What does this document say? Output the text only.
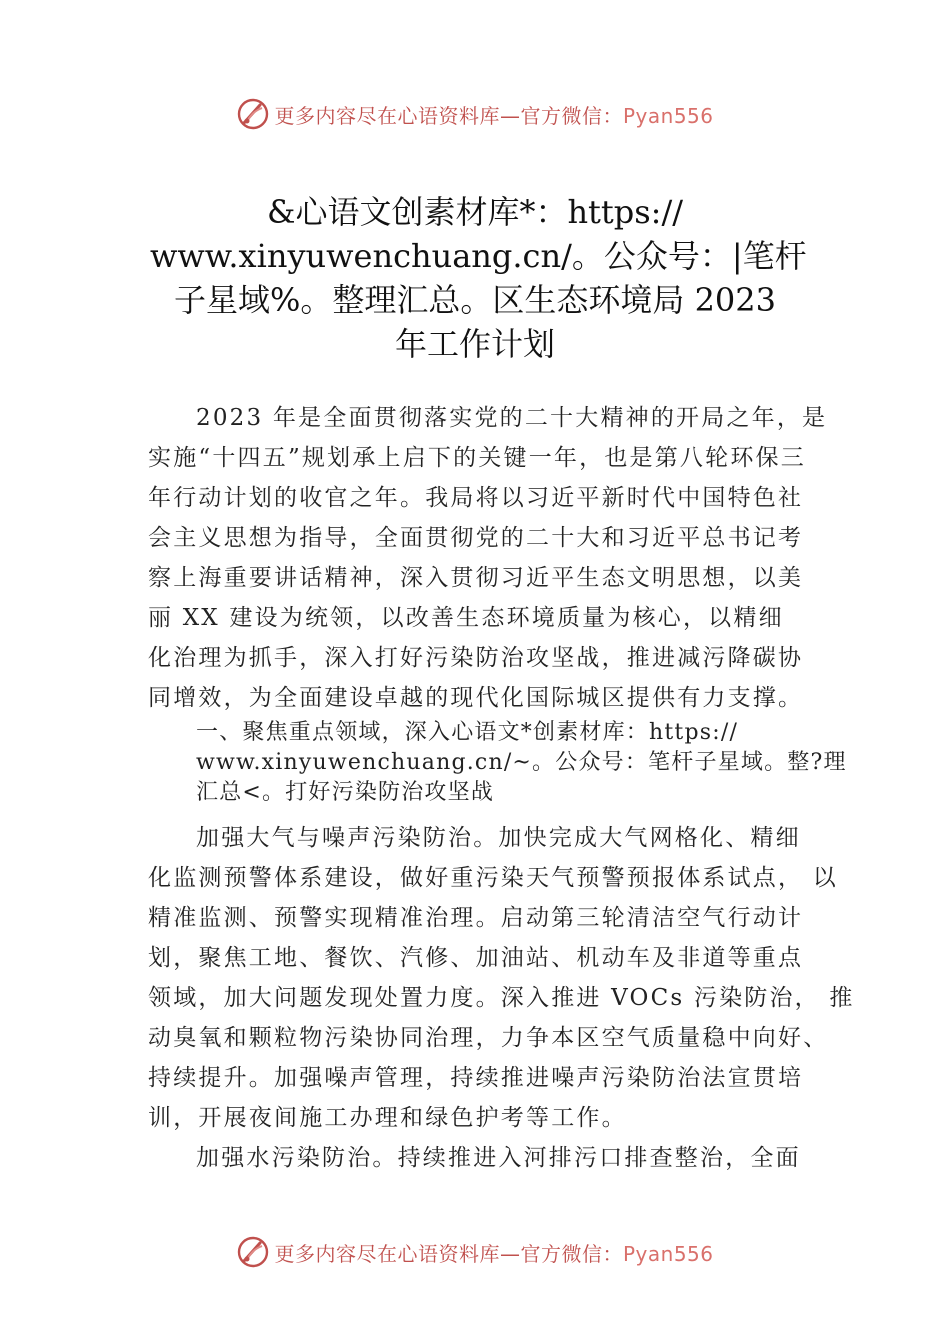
更多内容尽在心语资料库—官方微信：Pyan556
&心语文创素材库*：https://
www.xinyuwenchuang.cn/。公众号：|笔杆
子星域%。整理汇总。区生态环境局 2023
年工作计划
2023 年是全面贯彻落实党的二十大精神的开局之年，是
实施“十四五”规划承上启下的关键一年，也是第八轮环保三
年行动计划的收官之年。我局将以习近平新时代中国特色社
会主义思想为指导，全面贯彻党的二十大和习近平总书记考
察上海重要讲话精神，深入贯彻习近平生态文明思想，以美
丽 XX 建设为统领，以改善生态环境质量为核心，以精细
化治理为抓手，深入打好污染防治攻坚战，推进减污降碳协
同增效，为全面建设卓越的现代化国际城区提供有力支撑。
一、聚焦重点领域，深入心语文*创素材库：https://
www.xinyuwenchuang.cn/~。公众号：笔杆子星域。整?理
汇总<。打好污染防治攻坚战
加强大气与噪声污染防治。加快完成大气网格化、精细
化监测预警体系建设，做好重污染天气预警预报体系试点， 以
精准监测、预警实现精准治理。启动第三轮清洁空气行动计
划，聚焦工地、餐饮、汽修、加油站、机动车及非道等重点
领域，加大问题发现处置力度。深入推进 VOCs 污染防治， 推
动臭氧和颗粒物污染协同治理，力争本区空气质量稳中向好、
持续提升。加强噪声管理，持续推进噪声污染防治法宣贯培
训，开展夜间施工办理和绿色护考等工作。
加强水污染防治。持续推进入河排污口排查整治，全面
更多内容尽在心语资料库—官方微信：Pyan556
